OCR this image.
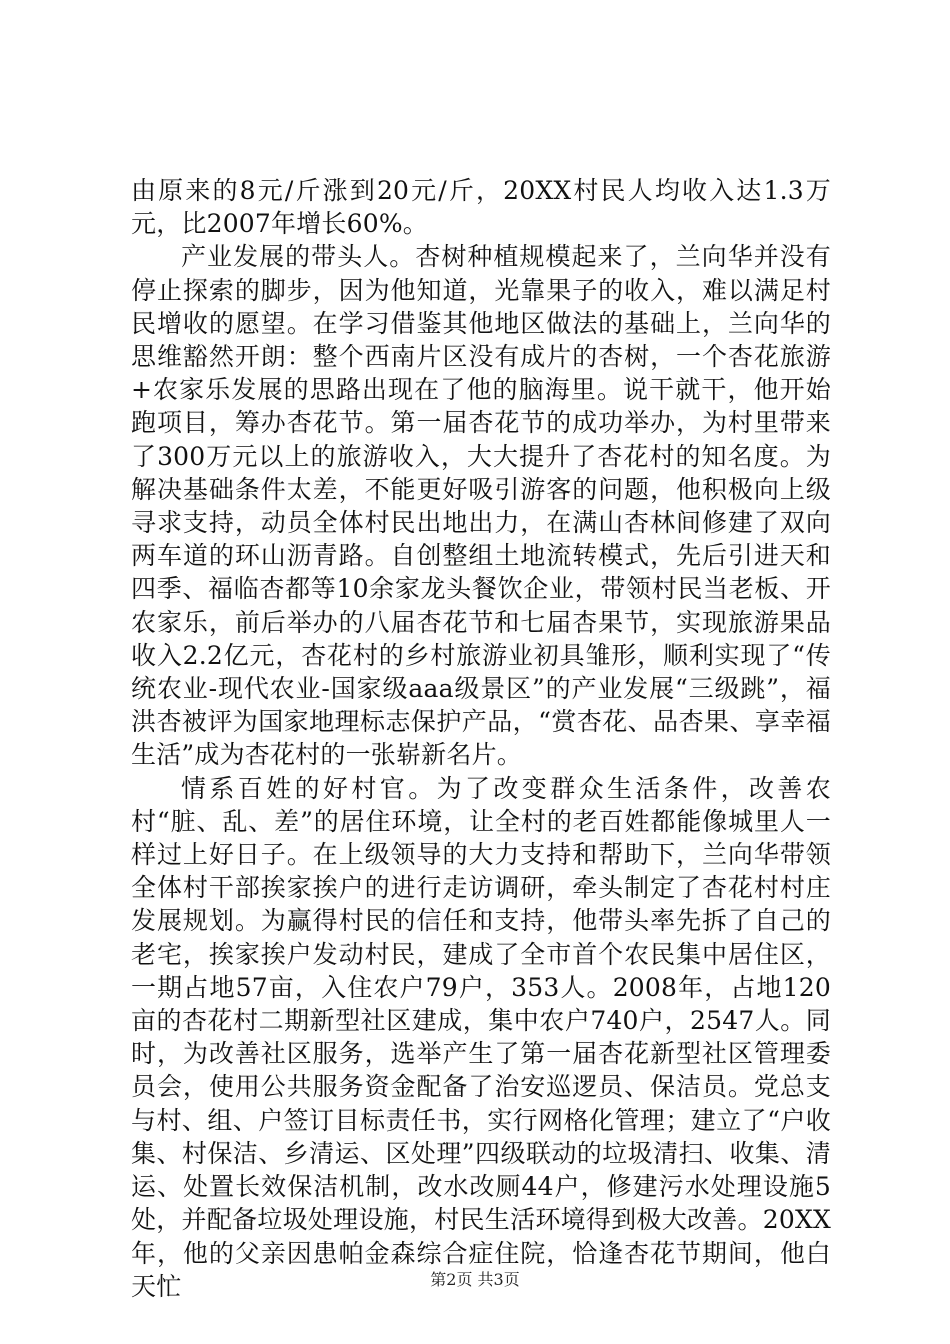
由原来的8元/斤涨到20元/斤，20XX村民人均收入达1.3万元，比2007年增长60%。

产业发展的带头人。杏树种植规模起来了，兰向华并没有停止探索的脚步，因为他知道，光靠果子的收入，难以满足村民增收的愿望。在学习借鉴其他地区做法的基础上，兰向华的思维豁然开朗：整个西南片区没有成片的杏树，一个杏花旅游+农家乐发展的思路出现在了他的脑海里。说干就干，他开始跑项目，筹办杏花节。第一届杏花节的成功举办，为村里带来了300万元以上的旅游收入，大大提升了杏花村的知名度。为解决基础条件太差，不能更好吸引游客的问题，他积极向上级寻求支持，动员全体村民出地出力，在满山杏林间修建了双向两车道的环山沥青路。自创整组土地流转模式，先后引进天和四季、福临杏都等10余家龙头餐饮企业，带领村民当老板、开农家乐，前后举办的八届杏花节和七届杏果节，实现旅游果品收入2.2亿元，杏花村的乡村旅游业初具雏形，顺利实现了“传统农业-现代农业-国家级aaa级景区”的产业发展“三级跳”，福洪杏被评为国家地理标志保护产品，“赏杏花、品杏果、享幸福生活”成为杏花村的一张崭新名片。

情系百姓的好村官。为了改变群众生活条件，改善农村“脏、乱、差”的居住环境，让全村的老百姓都能像城里人一样过上好日子。在上级领导的大力支持和帮助下，兰向华带领全体村干部挨家挨户的进行走访调研，牵头制定了杏花村村庄发展规划。为赢得村民的信任和支持，他带头率先拆了自己的老宅，挨家挨户发动村民，建成了全市首个农民集中居住区，一期占地57亩，入住农户79户，353人。2008年，占地120亩的杏花村二期新型社区建成，集中农户740户，2547人。同时，为改善社区服务，选举产生了第一届杏花新型社区管理委员会，使用公共服务资金配备了治安巡逻员、保洁员。党总支与村、组、户签订目标责任书，实行网格化管理；建立了“户收集、村保洁、乡清运、区处理”四级联动的垃圾清扫、收集、清运、处置长效保洁机制，改水改厕44户，修建污水处理设施5处，并配备垃圾处理设施，村民生活环境得到极大改善。20XX年，他的父亲因患帕金森综合症住院，恰逢杏花节期间，他白天忙	第2页 共3页
